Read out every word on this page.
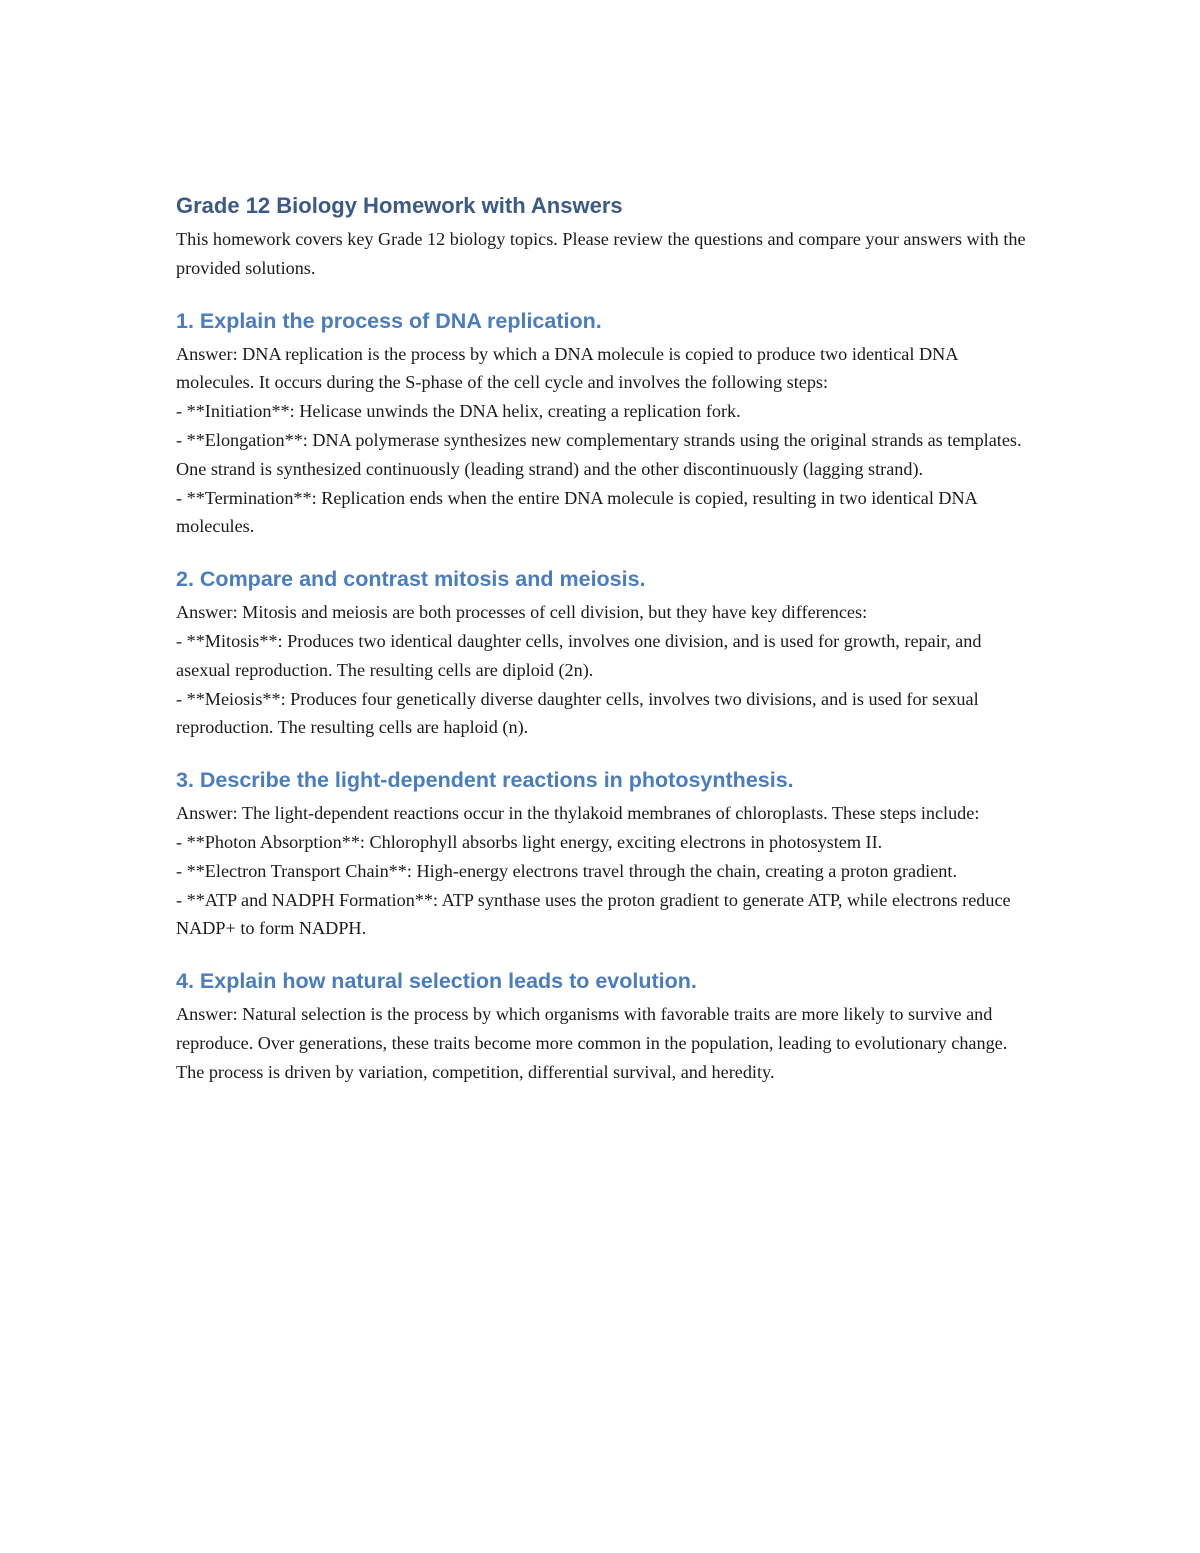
Grade 12 Biology Homework with Answers

This homework covers key Grade 12 biology topics. Please review the questions and compare your answers with the provided solutions.

1. Explain the process of DNA replication.

Answer: DNA replication is the process by which a DNA molecule is copied to produce two identical DNA molecules. It occurs during the S-phase of the cell cycle and involves the following steps:

- **Initiation**: Helicase unwinds the DNA helix, creating a replication fork.

- **Elongation**: DNA polymerase synthesizes new complementary strands using the original strands as templates. One strand is synthesized continuously (leading strand) and the other discontinuously (lagging strand).

- **Termination**: Replication ends when the entire DNA molecule is copied, resulting in two identical DNA molecules.

2. Compare and contrast mitosis and meiosis.

Answer: Mitosis and meiosis are both processes of cell division, but they have key differences:

- **Mitosis**: Produces two identical daughter cells, involves one division, and is used for growth, repair, and asexual reproduction. The resulting cells are diploid (2n).

- **Meiosis**: Produces four genetically diverse daughter cells, involves two divisions, and is used for sexual reproduction. The resulting cells are haploid (n).

3. Describe the light-dependent reactions in photosynthesis.

Answer: The light-dependent reactions occur in the thylakoid membranes of chloroplasts. These steps include:

- **Photon Absorption**: Chlorophyll absorbs light energy, exciting electrons in photosystem II.

- **Electron Transport Chain**: High-energy electrons travel through the chain, creating a proton gradient.

- **ATP and NADPH Formation**: ATP synthase uses the proton gradient to generate ATP, while electrons reduce NADP+ to form NADPH.

4. Explain how natural selection leads to evolution.

Answer: Natural selection is the process by which organisms with favorable traits are more likely to survive and reproduce. Over generations, these traits become more common in the population, leading to evolutionary change. The process is driven by variation, competition, differential survival, and heredity.
